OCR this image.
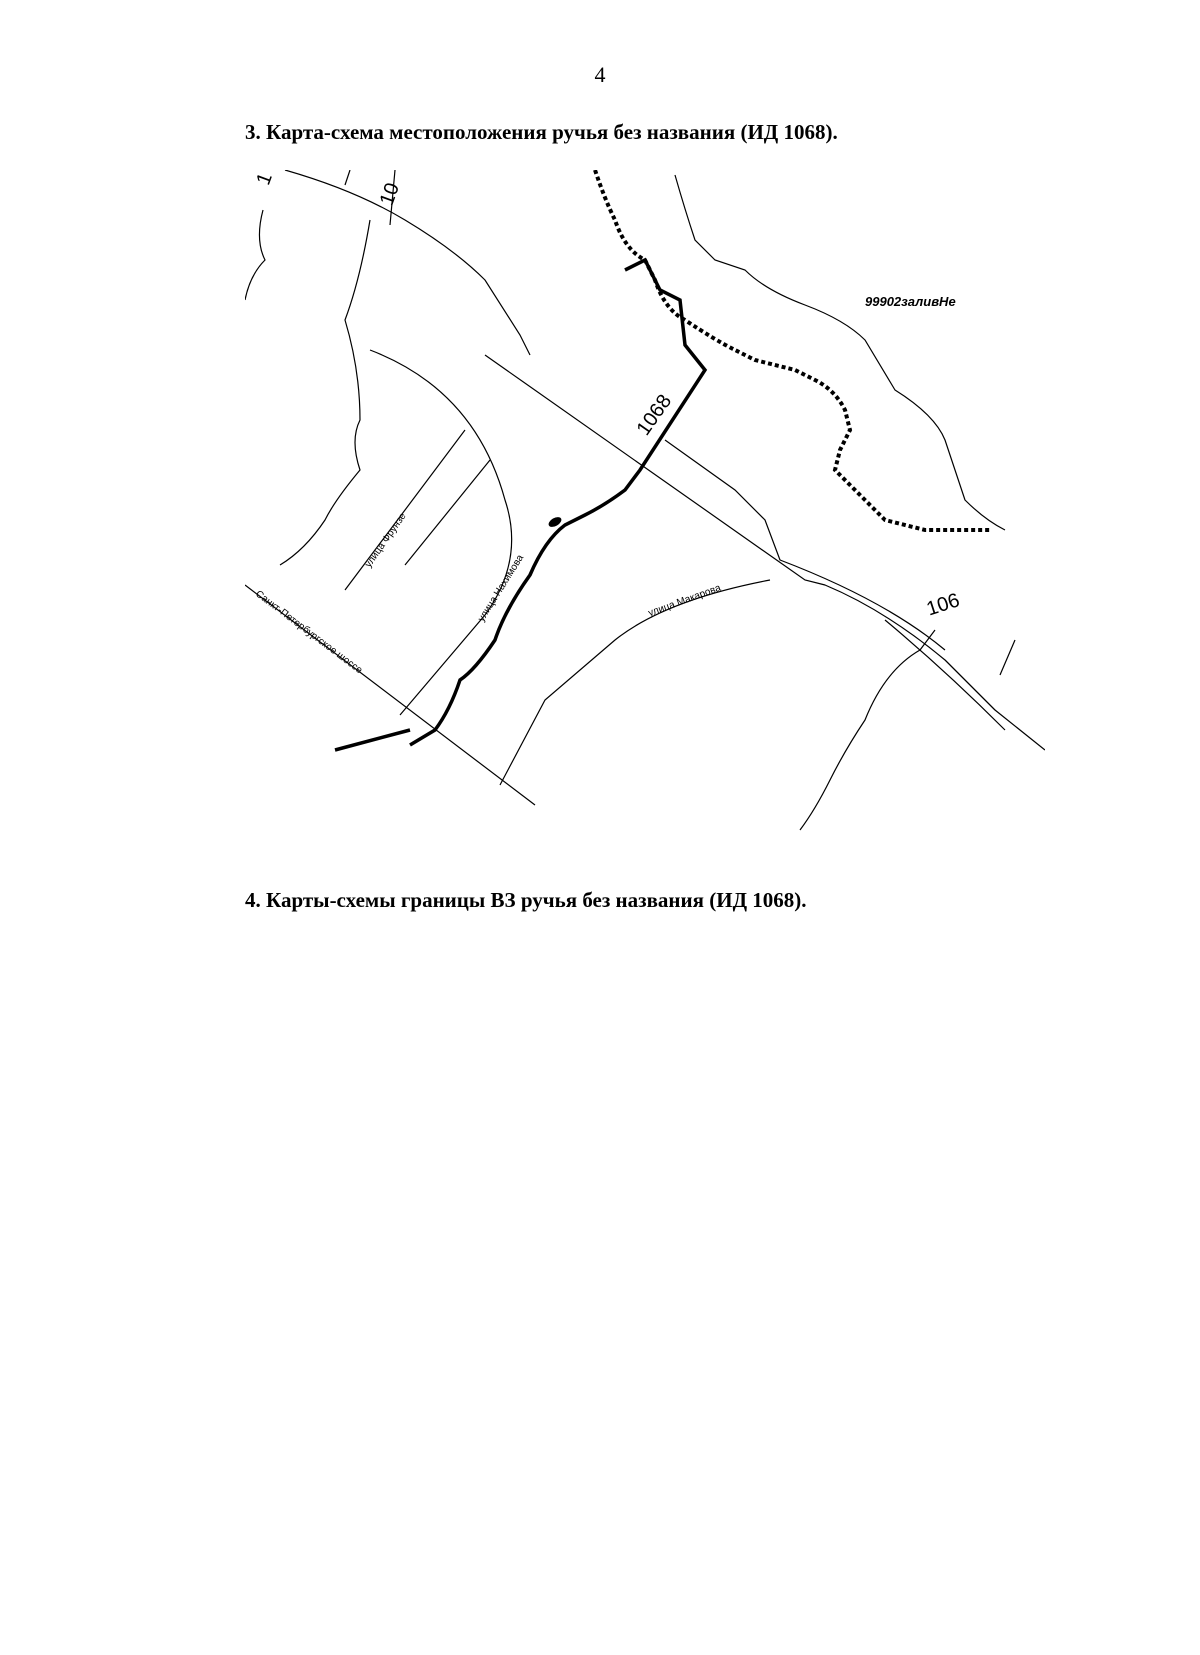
4
3. Карта-схема местоположения ручья без названия (ИД 1068).
1068
106
10
1
99902заливНе
улица Фрунзе
улица Нахимова	улица Макарова
Санкт-Петербургское шоссе
4. Карты-схемы границы ВЗ ручья без названия (ИД 1068).
